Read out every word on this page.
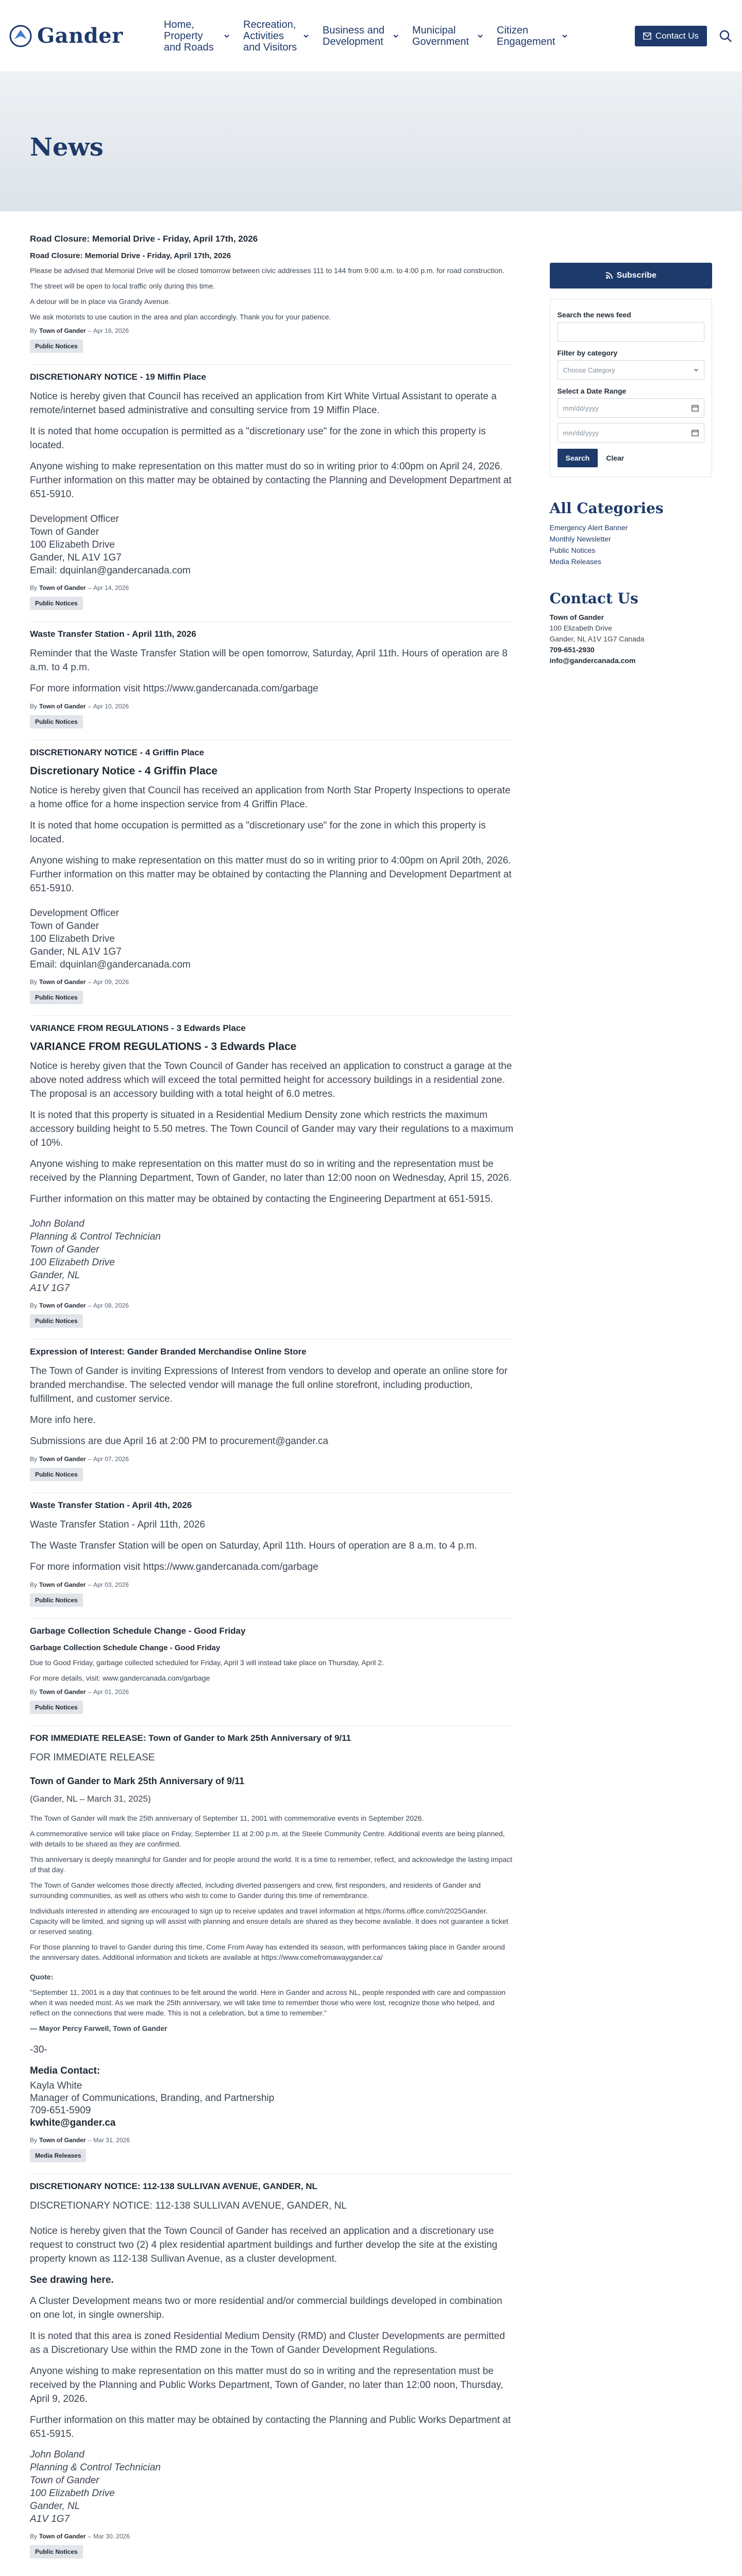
Gander	Home, Property and Roads
Recreation, Activities and Visitors
Business and Development
Municipal Government
Citizen Engagement
Contact Us
News
Road Closure: Memorial Drive - Friday, April 17th, 2026
Road Closure: Memorial Drive - Friday, April 17th, 2026

Please be advised that Memorial Drive will be closed tomorrow between civic addresses 111 to 144 from 9:00 a.m. to 4:00 p.m. for road construction.

The street will be open to local traffic only during this time.

A detour will be in place via Grandy Avenue.

We ask motorists to use caution in the area and plan accordingly. Thank you for your patience.

By Town of Gander – Apr 16, 2026
Public Notices
DISCRETIONARY NOTICE - 19 Miffin Place

Notice is hereby given that Council has received an application from Kirt White Virtual Assistant to operate a remote/internet based administrative and consulting service from 19 Miffin Place.

It is noted that home occupation is permitted as a "discretionary use" for the zone in which this property is located.

Anyone wishing to make representation on this matter must do so in writing prior to 4:00pm on April 24, 2026. Further information on this matter may be obtained by contacting the Planning and Development Department at 651-5910.

Development Officer
Town of Gander
100 Elizabeth Drive
Gander, NL A1V 1G7
Email: dquinlan@gandercanada.com
By Town of Gander – Apr 14, 2026
Public Notices
Waste Transfer Station - April 11th, 2026

Reminder that the Waste Transfer Station will be open tomorrow, Saturday, April 11th. Hours of operation are 8 a.m. to 4 p.m.

For more information visit https://www.gandercanada.com/garbage

By Town of Gander – Apr 10, 2026
Public Notices
DISCRETIONARY NOTICE - 4 Griffin Place
Discretionary Notice - 4 Griffin Place

Notice is hereby given that Council has received an application from North Star Property Inspections to operate a home office for a home inspection service from 4 Griffin Place.

It is noted that home occupation is permitted as a "discretionary use" for the zone in which this property is located.

Anyone wishing to make representation on this matter must do so in writing prior to 4:00pm on April 20th, 2026. Further information on this matter may be obtained by contacting the Planning and Development Department at 651-5910.

Development Officer
Town of Gander
100 Elizabeth Drive
Gander, NL A1V 1G7
Email: dquinlan@gandercanada.com
By Town of Gander – Apr 09, 2026
Public Notices
VARIANCE FROM REGULATIONS - 3 Edwards Place
VARIANCE FROM REGULATIONS - 3 Edwards Place

Notice is hereby given that the Town Council of Gander has received an application to construct a garage at the above noted address which will exceed the total permitted height for accessory buildings in a residential zone. The proposal is an accessory building with a total height of 6.0 metres.

It is noted that this property is situated in a Residential Medium Density zone which restricts the maximum accessory building height to 5.50 metres. The Town Council of Gander may vary their regulations to a maximum of 10%.

Anyone wishing to make representation on this matter must do so in writing and the representation must be received by the Planning Department, Town of Gander, no later than 12:00 noon on Wednesday, April 15, 2026.

Further information on this matter may be obtained by contacting the Engineering Department at 651-5915.

John Boland
Planning & Control Technician
Town of Gander
100 Elizabeth Drive
Gander, NL
A1V 1G7
By Town of Gander – Apr 08, 2026
Public Notices
Expression of Interest: Gander Branded Merchandise Online Store

The Town of Gander is inviting Expressions of Interest from vendors to develop and operate an online store for branded merchandise. The selected vendor will manage the full online storefront, including production, fulfillment, and customer service.

More info here.

Submissions are due April 16 at 2:00 PM to procurement@gander.ca

By Town of Gander – Apr 07, 2026
Public Notices
Waste Transfer Station - April 4th, 2026

Waste Transfer Station - April 11th, 2026

The Waste Transfer Station will be open on Saturday, April 11th. Hours of operation are 8 a.m. to 4 p.m.

For more information visit https://www.gandercanada.com/garbage

By Town of Gander – Apr 03, 2026
Public Notices
Garbage Collection Schedule Change - Good Friday
Garbage Collection Schedule Change - Good Friday

Due to Good Friday, garbage collected scheduled for Friday, April 3 will instead take place on Thursday, April 2.

For more details, visit: www.gandercanada.com/garbage

By Town of Gander – Apr 01, 2026
Public Notices
FOR IMMEDIATE RELEASE: Town of Gander to Mark 25th Anniversary of 9/11
FOR IMMEDIATE RELEASE
Town of Gander to Mark 25th Anniversary of 9/11

(Gander, NL – March 31, 2025)

The Town of Gander will mark the 25th anniversary of September 11, 2001 with commemorative events in September 2026.

A commemorative service will take place on Friday, September 11 at 2:00 p.m. at the Steele Community Centre. Additional events are being planned, with details to be shared as they are confirmed.

This anniversary is deeply meaningful for Gander and for people around the world. It is a time to remember, reflect, and acknowledge the lasting impact of that day.

The Town of Gander welcomes those directly affected, including diverted passengers and crew, first responders, and residents of Gander and surrounding communities, as well as others who wish to come to Gander during this time of remembrance.

Individuals interested in attending are encouraged to sign up to receive updates and travel information at https://forms.office.com/r/2025Gander. Capacity will be limited, and signing up will assist with planning and ensure details are shared as they become available. It does not guarantee a ticket or reserved seating.

For those planning to travel to Gander during this time, Come From Away has extended its season, with performances taking place in Gander around the anniversary dates. Additional information and tickets are available at https://www.comefromawaygander.ca/

Quote:

"September 11, 2001 is a day that continues to be felt around the world. Here in Gander and across NL, people responded with care and compassion when it was needed most. As we mark the 25th anniversary, we will take time to remember those who were lost, recognize those who helped, and reflect on the connections that were made. This is not a celebration, but a time to remember."

— Mayor Percy Farwell, Town of Gander

-30-

Media Contact:

Kayla White
Manager of Communications, Branding, and Partnership
709-651-5909
kwhite@gander.ca
By Town of Gander – Mar 31, 2026
Media Releases
DISCRETIONARY NOTICE: 112-138 SULLIVAN AVENUE, GANDER, NL
DISCRETIONARY NOTICE: 112-138 SULLIVAN AVENUE, GANDER, NL

Notice is hereby given that the Town Council of Gander has received an application and a discretionary use request to construct two (2) 4 plex residential apartment buildings and further develop the site at the existing property known as 112-138 Sullivan Avenue, as a cluster development.

See drawing here.

A Cluster Development means two or more residential and/or commercial buildings developed in combination on one lot, in single ownership.

It is noted that this area is zoned Residential Medium Density (RMD) and Cluster Developments are permitted as a Discretionary Use within the RMD zone in the Town of Gander Development Regulations.

Anyone wishing to make representation on this matter must do so in writing and the representation must be received by the Planning and Public Works Department, Town of Gander, no later than 12:00 noon, Thursday, April 9, 2026.

Further information on this matter may be obtained by contacting the Planning and Public Works Department at 651-5915.

John Boland
Planning & Control Technician
Town of Gander
100 Elizabeth Drive
Gander, NL
A1V 1G7
By Town of Gander – Mar 30, 2026
Public Notices
Subscribe
Search the news feed
Filter by category
Choose Category
Select a Date Range
mm/dd/yyyy
mm/dd/yyyy
Search	Clear
All Categories
Emergency Alert Banner
Monthly Newsletter
Public Notices
Media Releases
Contact Us
Town of Gander
100 Elizabeth Drive
Gander, NL A1V 1G7 Canada
709-651-2930
info@gandercanada.com
